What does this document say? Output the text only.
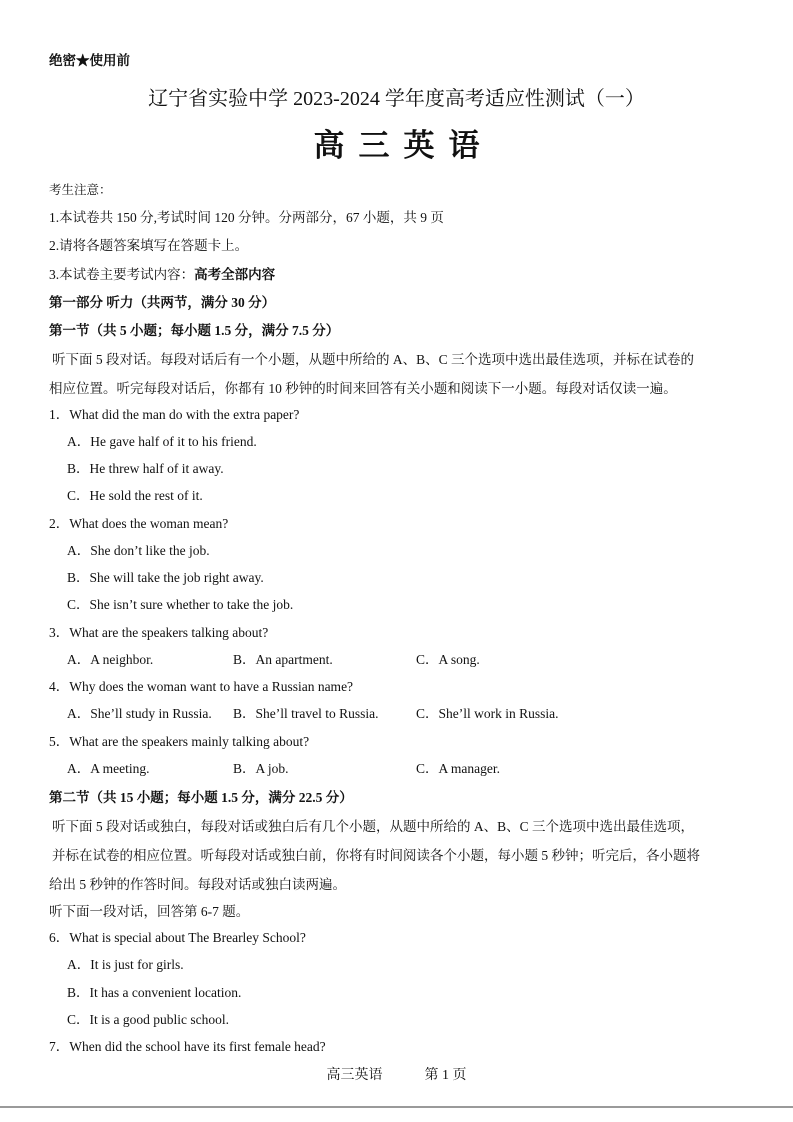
绝密★使用前
辽宁省实验中学 2023-2024 学年度高考适应性测试（一）
高三英语
考生注意：
1.本试卷共 150 分,考试时间 120 分钟。分两部分，67 小题，共 9 页
2.请将各题答案填写在答题卡上。
3.本试卷主要考试内容：高考全部内容
第一部分 听力（共两节，满分 30 分）
第一节（共 5 小题；每小题 1.5 分，满分 7.5 分）
听下面 5 段对话。每段对话后有一个小题，从题中所给的 A、B、C 三个选项中选出最佳选项，并标在试卷的
相应位置。听完每段对话后，你都有 10 秒钟的时间来回答有关小题和阅读下一小题。每段对话仅读一遍。
1．What did the man do with the extra paper?
A．He gave half of it to his friend.
B．He threw half of it away.
C．He sold the rest of it.
2．What does the woman mean?
A．She don’t like the job.
B．She will take the job right away.
C．She isn’t sure whether to take the job.
3．What are the speakers talking about?
A．A neighbor.	B．An apartment.	C．A song.
4．Why does the woman want to have a Russian name?
A．She’ll study in Russia. B．She’ll travel to Russia.	C．She’ll work in Russia.
5．What are the speakers mainly talking about?
A．A meeting.	B．A job.	C．A manager.
第二节（共 15 小题；每小题 1.5 分，满分 22.5 分）
听下面 5 段对话或独白，每段对话或独白后有几个小题，从题中所给的 A、B、C 三个选项中选出最佳选项，
并标在试卷的相应位置。听每段对话或独白前，你将有时间阅读各个小题，每小题 5 秒钟；听完后，各小题将
给出 5 秒钟的作答时间。每段对话或独白读两遍。
听下面一段对话，回答第 6-7 题。
6．What is special about The Brearley School?
A．It is just for girls.
B．It has a convenient location.
C．It is a good public school.
7．When did the school have its first female head?
高三英语	第 1 页
